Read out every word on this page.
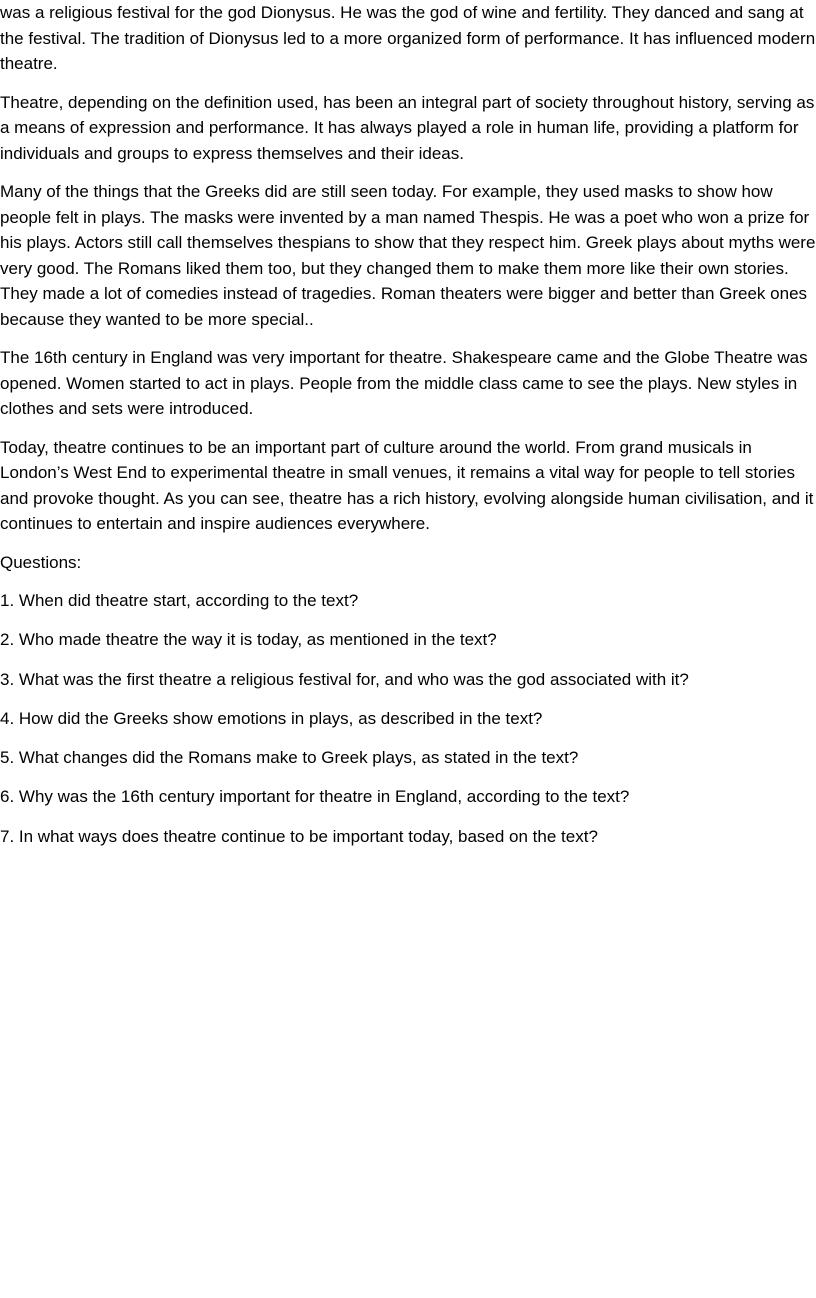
was a religious festival for the god Dionysus. He was the god of wine and fertility. They danced and sang at the festival. The tradition of Dionysus led to a more organized form of performance. It has influenced modern theatre.

Theatre, depending on the definition used, has been an integral part of society throughout history, serving as a means of expression and performance. It has always played a role in human life, providing a platform for individuals and groups to express themselves and their ideas.

Many of the things that the Greeks did are still seen today. For example, they used masks to show how people felt in plays. The masks were invented by a man named Thespis. He was a poet who won a prize for his plays. Actors still call themselves thespians to show that they respect him. Greek plays about myths were very good. The Romans liked them too, but they changed them to make them more like their own stories. They made a lot of comedies instead of tragedies. Roman theaters were bigger and better than Greek ones because they wanted to be more special..

The 16th century in England was very important for theatre. Shakespeare came and the Globe Theatre was opened. Women started to act in plays. People from the middle class came to see the plays. New styles in clothes and sets were introduced.

Today, theatre continues to be an important part of culture around the world. From grand musicals in London’s West End to experimental theatre in small venues, it remains a vital way for people to tell stories and provoke thought. As you can see, theatre has a rich history, evolving alongside human civilisation, and it continues to entertain and inspire audiences everywhere.

Questions:

1. When did theatre start, according to the text?

2. Who made theatre the way it is today, as mentioned in the text?

3. What was the first theatre a religious festival for, and who was the god associated with it?

4. How did the Greeks show emotions in plays, as described in the text?

5. What changes did the Romans make to Greek plays, as stated in the text?

6. Why was the 16th century important for theatre in England, according to the text?

7. In what ways does theatre continue to be important today, based on the text?
